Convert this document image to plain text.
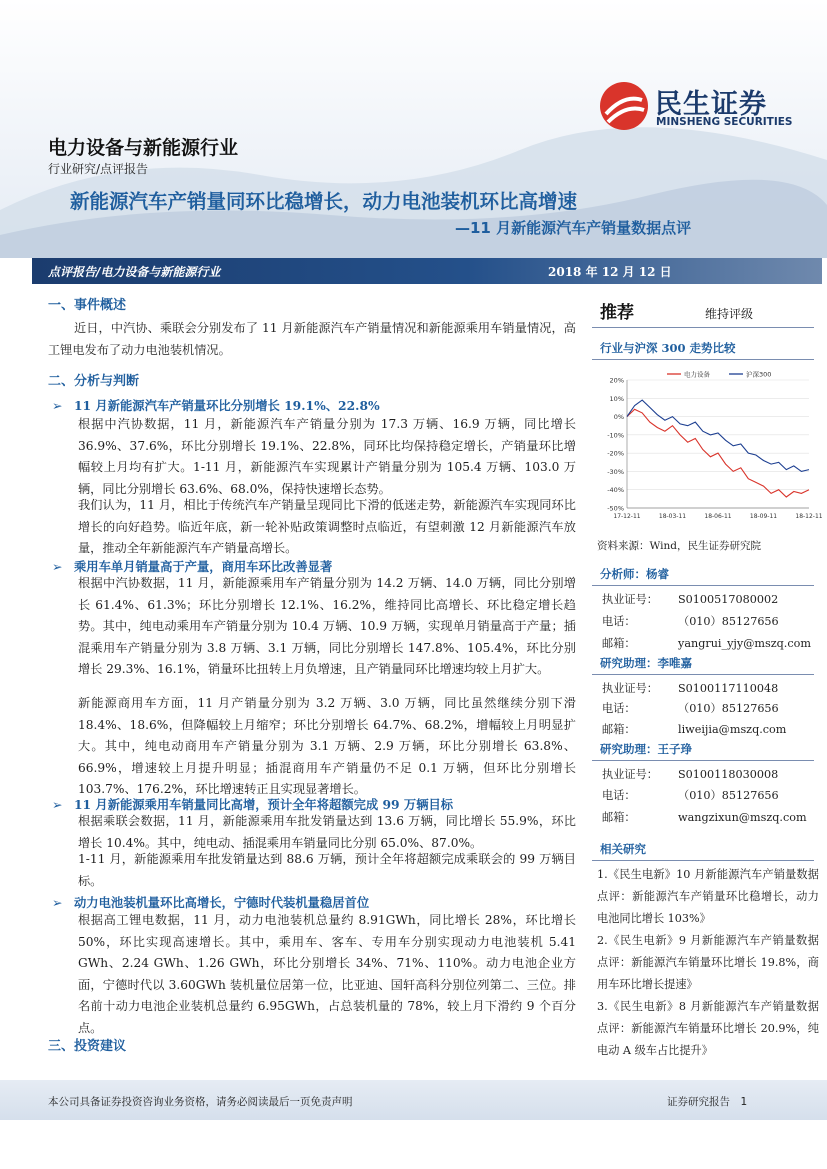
民生证券
MINSHENG SECURITIES
电力设备与新能源行业
行业研究/点评报告
新能源汽车产销量同环比稳增长，动力电池装机环比高增速
—11 月新能源汽车产销量数据点评
点评报告/电力设备与新能源行业	2018 年 12 月 12 日
一、事件概述
近日，中汽协、乘联会分别发布了 11 月新能源汽车产销量情况和新能源乘用车销量情况，高工锂电发布了动力电池装机情况。
二、分析与判断
➢ 11 月新能源汽车产销量环比分别增长 19.1%、22.8%
根据中汽协数据，11 月，新能源汽车产销量分别为 17.3 万辆、16.9 万辆，同比增长 36.9%、37.6%，环比分别增长 19.1%、22.8%，同环比均保持稳定增长，产销量环比增幅较上月均有扩大。1-11 月，新能源汽车实现累计产销量分别为 105.4 万辆、103.0 万辆，同比分别增长 63.6%、68.0%，保持快速增长态势。
我们认为，11 月，相比于传统汽车产销量呈现同比下滑的低迷走势，新能源汽车实现同环比增长的向好趋势。临近年底，新一轮补贴政策调整时点临近，有望刺激 12 月新能源汽车放量，推动全年新能源汽车产销量高增长。
➢ 乘用车单月销量高于产量，商用车环比改善显著
根据中汽协数据，11 月，新能源乘用车产销量分别为 14.2 万辆、14.0 万辆，同比分别增长 61.4%、61.3%；环比分别增长 12.1%、16.2%，维持同比高增长、环比稳定增长趋势。其中，纯电动乘用车产销量分别为 10.4 万辆、10.9 万辆，实现单月销量高于产量；插混乘用车产销量分别为 3.8 万辆、3.1 万辆，同比分别增长 147.8%、105.4%，环比分别增长 29.3%、16.1%，销量环比扭转上月负增速，且产销量同环比增速均较上月扩大。
新能源商用车方面，11 月产销量分别为 3.2 万辆、3.0 万辆，同比虽然继续分别下滑 18.4%、18.6%，但降幅较上月缩窄；环比分别增长 64.7%、68.2%，增幅较上月明显扩大。其中，纯电动商用车产销量分别为 3.1 万辆、2.9 万辆，环比分别增长 63.8%、66.9%，增速较上月提升明显；插混商用车产销量仍不足 0.1 万辆，但环比分别增长 103.7%、176.2%，环比增速转正且实现显著增长。
➢ 11 月新能源乘用车销量同比高增，预计全年将超额完成 99 万辆目标
根据乘联会数据，11 月，新能源乘用车批发销量达到 13.6 万辆，同比增长 55.9%，环比增长 10.4%。其中，纯电动、插混乘用车销量同比分别 65.0%、87.0%。
1-11 月，新能源乘用车批发销量达到 88.6 万辆，预计全年将超额完成乘联会的 99 万辆目标。
➢ 动力电池装机量环比高增长，宁德时代装机量稳居首位
根据高工锂电数据，11 月，动力电池装机总量约 8.91GWh，同比增长 28%，环比增长 50%，环比实现高速增长。其中，乘用车、客车、专用车分别实现动力电池装机 5.41 GWh、2.24 GWh、1.26 GWh，环比分别增长 34%、71%、110%。动力电池企业方面，宁德时代以 3.60GWh 装机量位居第一位，比亚迪、国轩高科分别位列第二、三位。排名前十动力电池企业装机总量约 6.95GWh，占总装机量的 78%，较上月下滑约 9 个百分点。
三、投资建议
推荐	维持评级
行业与沪深 300 走势比较
20%
10%
0%
-10%
-20%
-30%
-40%
-50%
17-12-11	18-03-11	18-06-11	18-09-11	18-12-11
电力设备	沪深300
资料来源：Wind，民生证券研究院
分析师：杨睿
执业证号： S0100517080002
电话：	（010）85127656
邮箱：	yangrui_yjy@mszq.com
研究助理：李唯嘉
执业证号： S0100117110048
电话：	（010）85127656
邮箱：	liweijia@mszq.com
研究助理：王子琤
执业证号： S0100118030008
电话：	（010）85127656
邮箱：	wangzixun@mszq.com
相关研究
1.《民生电新》10 月新能源汽车产销量数据点评：新能源汽车产销量环比稳增长，动力电池同比增长 103%》
2.《民生电新》9 月新能源汽车产销量数据点评：新能源汽车销量环比增长 19.8%，商用车环比增长提速》
3.《民生电新》8 月新能源汽车产销量数据点评：新能源汽车销量环比增长 20.9%，纯电动 A 级车占比提升》
本公司具备证券投资咨询业务资格，请务必阅读最后一页免责声明	证券研究报告　1
